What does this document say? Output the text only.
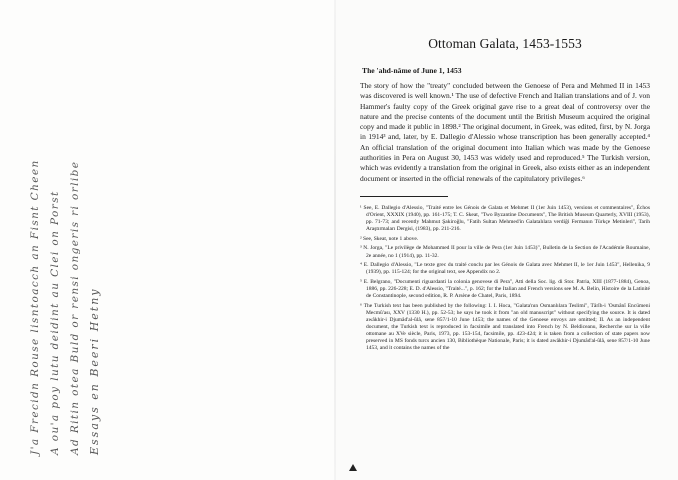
J'a Frecidn Rouse lisntoacch an Fisnt Cheen A ou'a poy lutu deidint au Clei on Porst Ad Ritin otea Buld or rensi ongeris ri orlibe Essays en Beeri Hetny
Ottoman Galata, 1453-1553
The 'ahd-nâme of June 1, 1453

The story of how the "treaty" concluded between the Genoese of Pera and Mehmed II in 1453 was discovered is well known.¹ The use of defective French and Italian translations and of J. von Hammer's faulty copy of the Greek original gave rise to a great deal of controversy over the nature and the precise contents of the document until the British Museum acquired the original copy and made it public in 1898.² The original document, in Greek, was edited, first, by N. Jorga in 1914³ and, later, by E. Dallegio d'Alessio whose transcription has been generally accepted.⁴ An official translation of the original document into Italian which was made by the Genoese authorities in Pera on August 30, 1453 was widely used and reproduced.⁵ The Turkish version, which was evidently a translation from the original in Greek, also exists either as an independent document or inserted in the official renewals of the capitulatory privileges.⁶

¹ See, E. Dallegio d'Alessio, "Traité entre les Génois de Galata et Mehmet II (1er Juin 1453), versions et commentaires", Échos d'Orient, XXXIX (1940), pp. 161-175; T. C. Skeat, "Two Byzantine Documents", The British Museum Quarterly, XVIII (1953), pp. 71-73; and recently Mahmut Şakiroğlu, "Fatih Sultan Mehmed'in Galatalılara verdiği Fermanın Türkçe Metinleri", Tarih Araştırmaları Dergisi, (1983), pp. 211-216.

² See, Skeat, note 1 above.

³ N. Jorga, "Le privilège de Mohammed II pour la ville de Pera (1er Juin 1453)", Bulletin de la Section de l'Académie Roumaine, 2e année, no 1 (1914), pp. 11-32.

⁴ E. Dallegio d'Alessio, "Le texte grec du traité conclu par les Génois de Galata avec Mehmet II, le 1er Juin 1453", Hellenika, 9 (1939), pp. 115-124; for the original text, see Appendix no 2.

⁵ E. Belgrano, "Documenti riguardanti la colonia genovese di Pera", Atti della Soc. lig. di Stor. Patria, XIII (1877-1884), Genoa, 1886, pp. 226-228; E. D. d'Alessio, "Traité...", p. 162; for the Italian and French versions see M. A. Belin, Histoire de la Latinité de Constantinople, second edition, R. P. Arsène de Chatel, Paris, 1894.

⁶ The Turkish text has been published by the following: I. I. Hoca, "Galata'nın Osmanlılara Teslimi", Târîh-i 'Osmânî Encümeni Mecmû'ası, XXV (1330 H.), pp. 52-53; he says he took it from "an old manuscript" without specifying the source. It is dated awâkhir-i Djumâd'al-ûlâ, sene 857/1-10 June 1453; the names of the Genoese envoys are omitted; II. As an independent document, the Turkish text is reproduced in facsimile and translated into French by N. Beldiceanu, Recherche sur la ville ottomane au XVe siècle, Paris, 1973, pp. 153-154, facsimile, pp. 423-424; it is taken from a collection of state papers now preserved in MS fonds turcs ancien 130, Bibliothèque Nationale, Paris; it is dated awâkhir-i Djumâd'al-ûlâ, sene 857/1-10 June 1453, and it contains the names of the
